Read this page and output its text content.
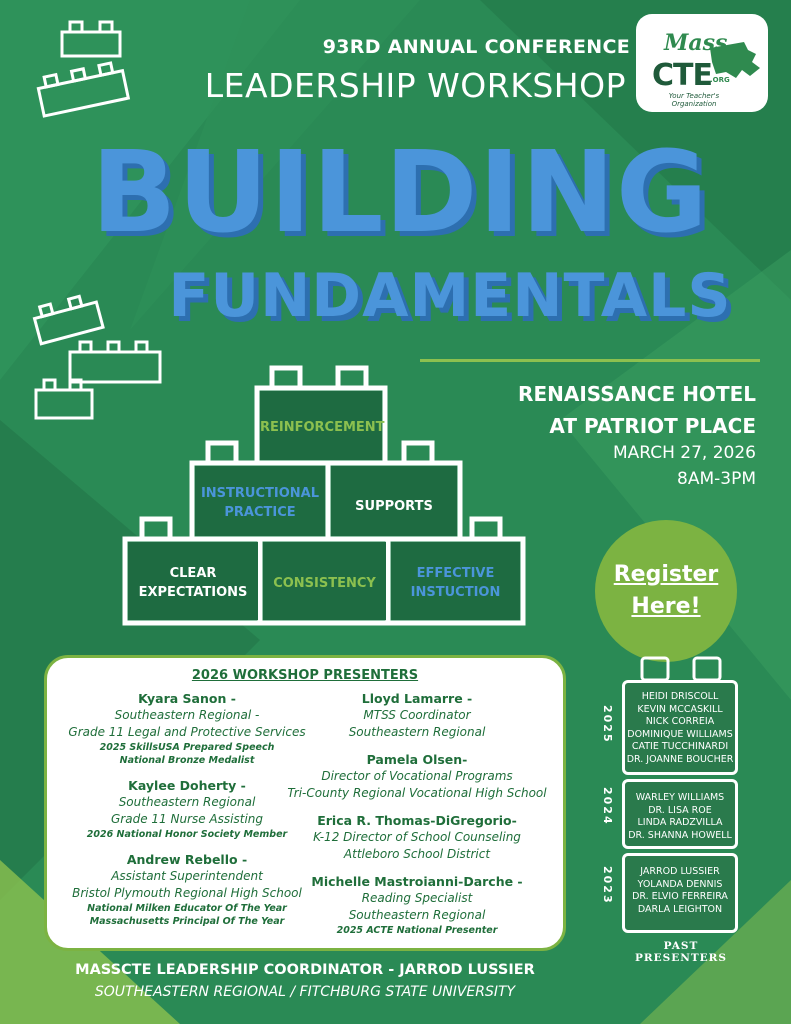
93RD ANNUAL CONFERENCE
LEADERSHIP WORKSHOP
Mass
CTE
.ORG
Your Teacher's Organization
BUILDING
FUNDAMENTALS
RENAISSANCE HOTEL
AT PATRIOT PLACE
MARCH 27, 2026
8AM-3PM
Register
Here!
REINFORCEMENT
INSTRUCTIONAL
PRACTICE	SUPPORTS
CLEAR
EXPECTATIONS
CONSISTENCY
EFFECTIVE
INSTUCTION
2026 WORKSHOP PRESENTERS
Kyara Sanon -
Southeastern Regional -
Grade 11 Legal and Protective Services
2025 SkillsUSA Prepared Speech
National Bronze Medalist
Kaylee Doherty -
Southeastern Regional
Grade 11 Nurse Assisting
2026 National Honor Society Member
Andrew Rebello -
Assistant Superintendent
Bristol Plymouth Regional High School
National Milken Educator Of The Year
Massachusetts Principal Of The Year
Lloyd Lamarre -
MTSS Coordinator
Southeastern Regional
Pamela Olsen-
Director of Vocational Programs
Tri-County Regional Vocational High School
Erica R. Thomas-DiGregorio-
K-12 Director of School Counseling
Attleboro School District
Michelle Mastroianni-Darche -
Reading Specialist
Southeastern Regional
2025 ACTE National Presenter
HEIDI DRISCOLL
KEVIN MCCASKILL
NICK CORREIA
DOMINIQUE WILLIAMS
CATIE TUCCHINARDI
DR. JOANNE BOUCHER
WARLEY WILLIAMS
DR. LISA ROE
LINDA RADZVILLA
DR. SHANNA HOWELL
JARROD LUSSIER
YOLANDA DENNIS
DR. ELVIO FERREIRA
DARLA LEIGHTON
2025
2024
2023
PAST
PRESENTERS
MASSCTE LEADERSHIP COORDINATOR - JARROD LUSSIER
SOUTHEASTERN REGIONAL / FITCHBURG STATE UNIVERSITY
